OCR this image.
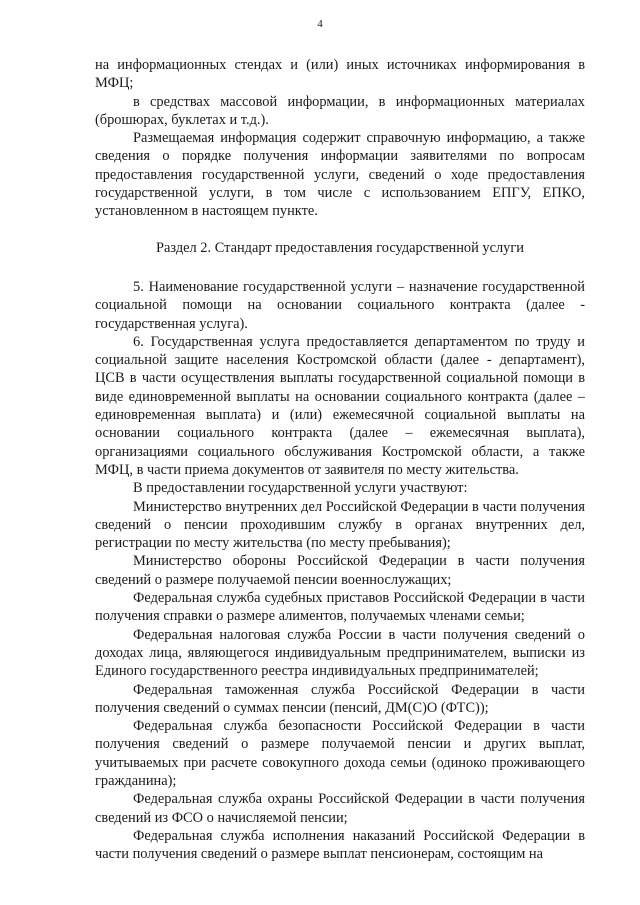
4

на информационных стендах и (или) иных источниках информирования в МФЦ;

в средствах массовой информации, в информационных материалах (брошюрах, буклетах и т.д.).

Размещаемая информация содержит справочную информацию, а также сведения о порядке получения информации заявителями по вопросам предоставления государственной услуги, сведений о ходе предоставления государственной услуги, в том числе с использованием ЕПГУ, ЕПКО, установленном в настоящем пункте.

Раздел 2. Стандарт предоставления государственной услуги

5. Наименование государственной услуги – назначение государственной социальной помощи на основании социального контракта (далее - государственная услуга).

6. Государственная услуга предоставляется департаментом по труду и социальной защите населения Костромской области (далее - департамент), ЦСВ в части осуществления выплаты государственной социальной помощи в виде единовременной выплаты на основании социального контракта (далее – единовременная выплата) и (или) ежемесячной социальной выплаты на основании социального контракта (далее – ежемесячная выплата), организациями социального обслуживания Костромской области, а также МФЦ, в части приема документов от заявителя по месту жительства.

В предоставлении государственной услуги участвуют:

Министерство внутренних дел Российской Федерации в части получения сведений о пенсии проходившим службу в органах внутренних дел, регистрации по месту жительства (по месту пребывания);

Министерство обороны Российской Федерации в части получения сведений о размере получаемой пенсии военнослужащих;

Федеральная служба судебных приставов Российской Федерации в части получения справки о размере алиментов, получаемых членами семьи;

Федеральная налоговая служба России в части получения сведений о доходах лица, являющегося индивидуальным предпринимателем, выписки из Единого государственного реестра индивидуальных предпринимателей;

Федеральная таможенная служба Российской Федерации в части получения сведений о суммах пенсии (пенсий, ДМ(С)О (ФТС));

Федеральная служба безопасности Российской Федерации в части получения сведений о размере получаемой пенсии и других выплат, учитываемых при расчете совокупного дохода семьи (одиноко проживающего гражданина);

Федеральная служба охраны Российской Федерации в части получения сведений из ФСО о начисляемой пенсии;

Федеральная служба исполнения наказаний Российской Федерации в части получения сведений о размере выплат пенсионерам, состоящим на
